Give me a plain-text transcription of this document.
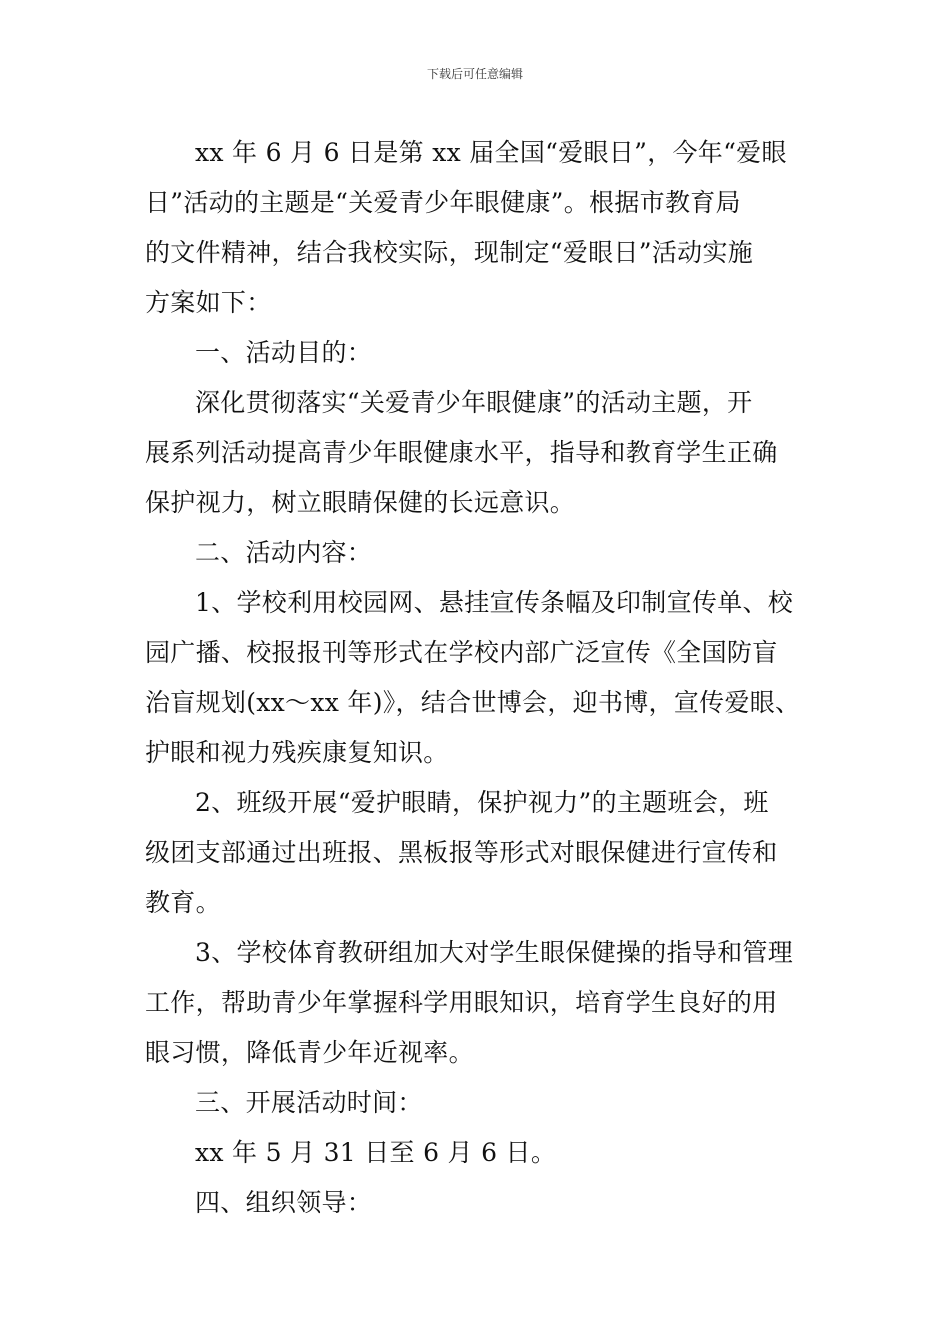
下载后可任意编辑
xx 年 6 月 6 日是第 xx 届全国“爱眼日”，今年“爱眼
日”活动的主题是“关爱青少年眼健康”。根据市教育局
的文件精神，结合我校实际，现制定“爱眼日”活动实施
方案如下：
一、活动目的：
深化贯彻落实“关爱青少年眼健康”的活动主题，开
展系列活动提高青少年眼健康水平，指导和教育学生正确
保护视力，树立眼睛保健的长远意识。
二、活动内容：
1、学校利用校园网、悬挂宣传条幅及印制宣传单、校
园广播、校报报刊等形式在学校内部广泛宣传《全国防盲
治盲规划(xx～xx 年)》，结合世博会，迎书博，宣传爱眼、
护眼和视力残疾康复知识。
2、班级开展“爱护眼睛，保护视力”的主题班会，班
级团支部通过出班报、黑板报等形式对眼保健进行宣传和
教育。
3、学校体育教研组加大对学生眼保健操的指导和管理
工作，帮助青少年掌握科学用眼知识，培育学生良好的用
眼习惯，降低青少年近视率。
三、开展活动时间：
xx 年 5 月 31 日至 6 月 6 日。
四、组织领导：
